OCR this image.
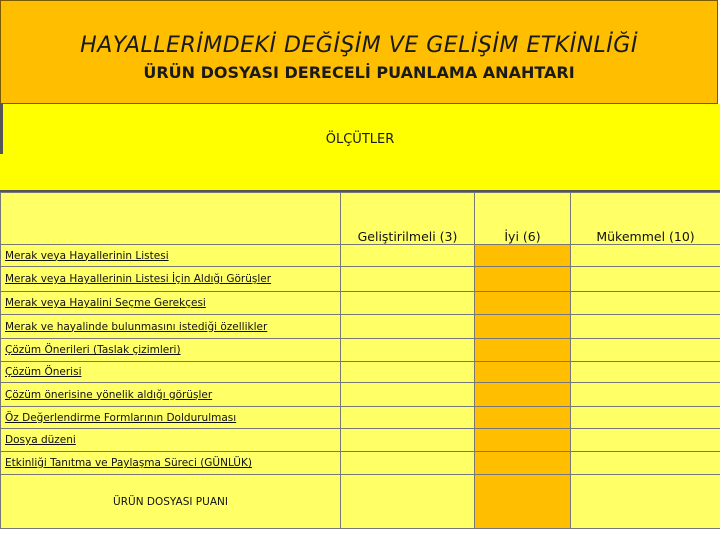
HAYALLERİMDEKİ DEĞİŞİM VE GELİŞİM ETKİNLİĞİ
ÜRÜN DOSYASI DERECELİ PUANLAMA ANAHTARI
ÖLÇÜTLER
	Geliştirilmeli (3)	İyi (6)	Mükemmel (10)
Merak veya Hayallerinin Listesi			
Merak veya Hayallerinin Listesi İçin Aldığı Görüşler			
Merak veya Hayalini Seçme Gerekçesi			
Merak ve hayalinde bulunmasını istediği özellikler			
Çözüm Önerileri (Taslak çizimleri)			
Çözüm Önerisi			
Çözüm önerisine yönelik aldığı görüşler			
Öz Değerlendirme Formlarının Doldurulması			
Dosya düzeni			
Etkinliği Tanıtma ve Paylaşma Süreci (GÜNLÜK)			
ÜRÜN DOSYASI PUANI			
